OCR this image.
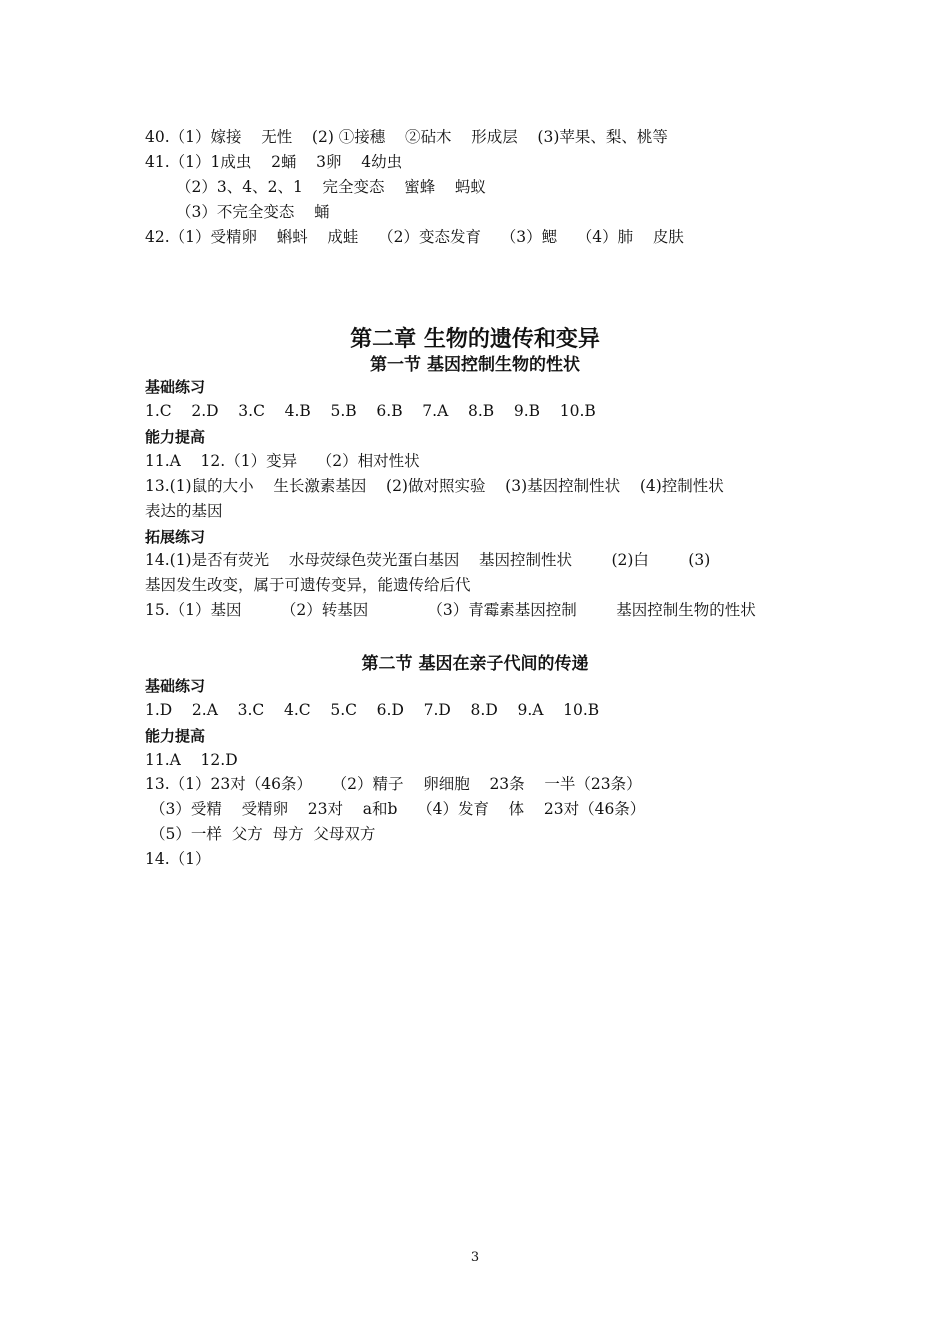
40.（1）嫁接    无性    (2) ①接穗    ②砧木    形成层    (3)苹果、梨、桃等
41.（1）1成虫    2蛹    3卵    4幼虫
（2）3、4、2、1    完全变态    蜜蜂    蚂蚁
（3）不完全变态    蛹
42.（1）受精卵    蝌蚪    成蛙    （2）变态发育    （3）鳃    （4）肺    皮肤
第二章 生物的遗传和变异
第一节 基因控制生物的性状
基础练习
1.C    2.D    3.C    4.B    5.B    6.B    7.A    8.B    9.B    10.B
能力提高
11.A    12.（1）变异    （2）相对性状
13.(1)鼠的大小    生长激素基因    (2)做对照实验    (3)基因控制性状    (4)控制性状
表达的基因
拓展练习
14.(1)是否有荧光    水母荧绿色荧光蛋白基因    基因控制性状        (2)白        (3)
基因发生改变，属于可遗传变异，能遗传给后代
15.（1）基因        （2）转基因            （3）青霉素基因控制        基因控制生物的性状
第二节 基因在亲子代间的传递
基础练习
1.D    2.A    3.C    4.C    5.C    6.D    7.D    8.D    9.A    10.B
能力提高
11.A    12.D
13.（1）23对（46条）    （2）精子    卵细胞    23条    一半（23条）
（3）受精    受精卵    23对    a和b    （4）发育    体    23对（46条）
（5）一样  父方  母方  父母双方
14.（1）
3
